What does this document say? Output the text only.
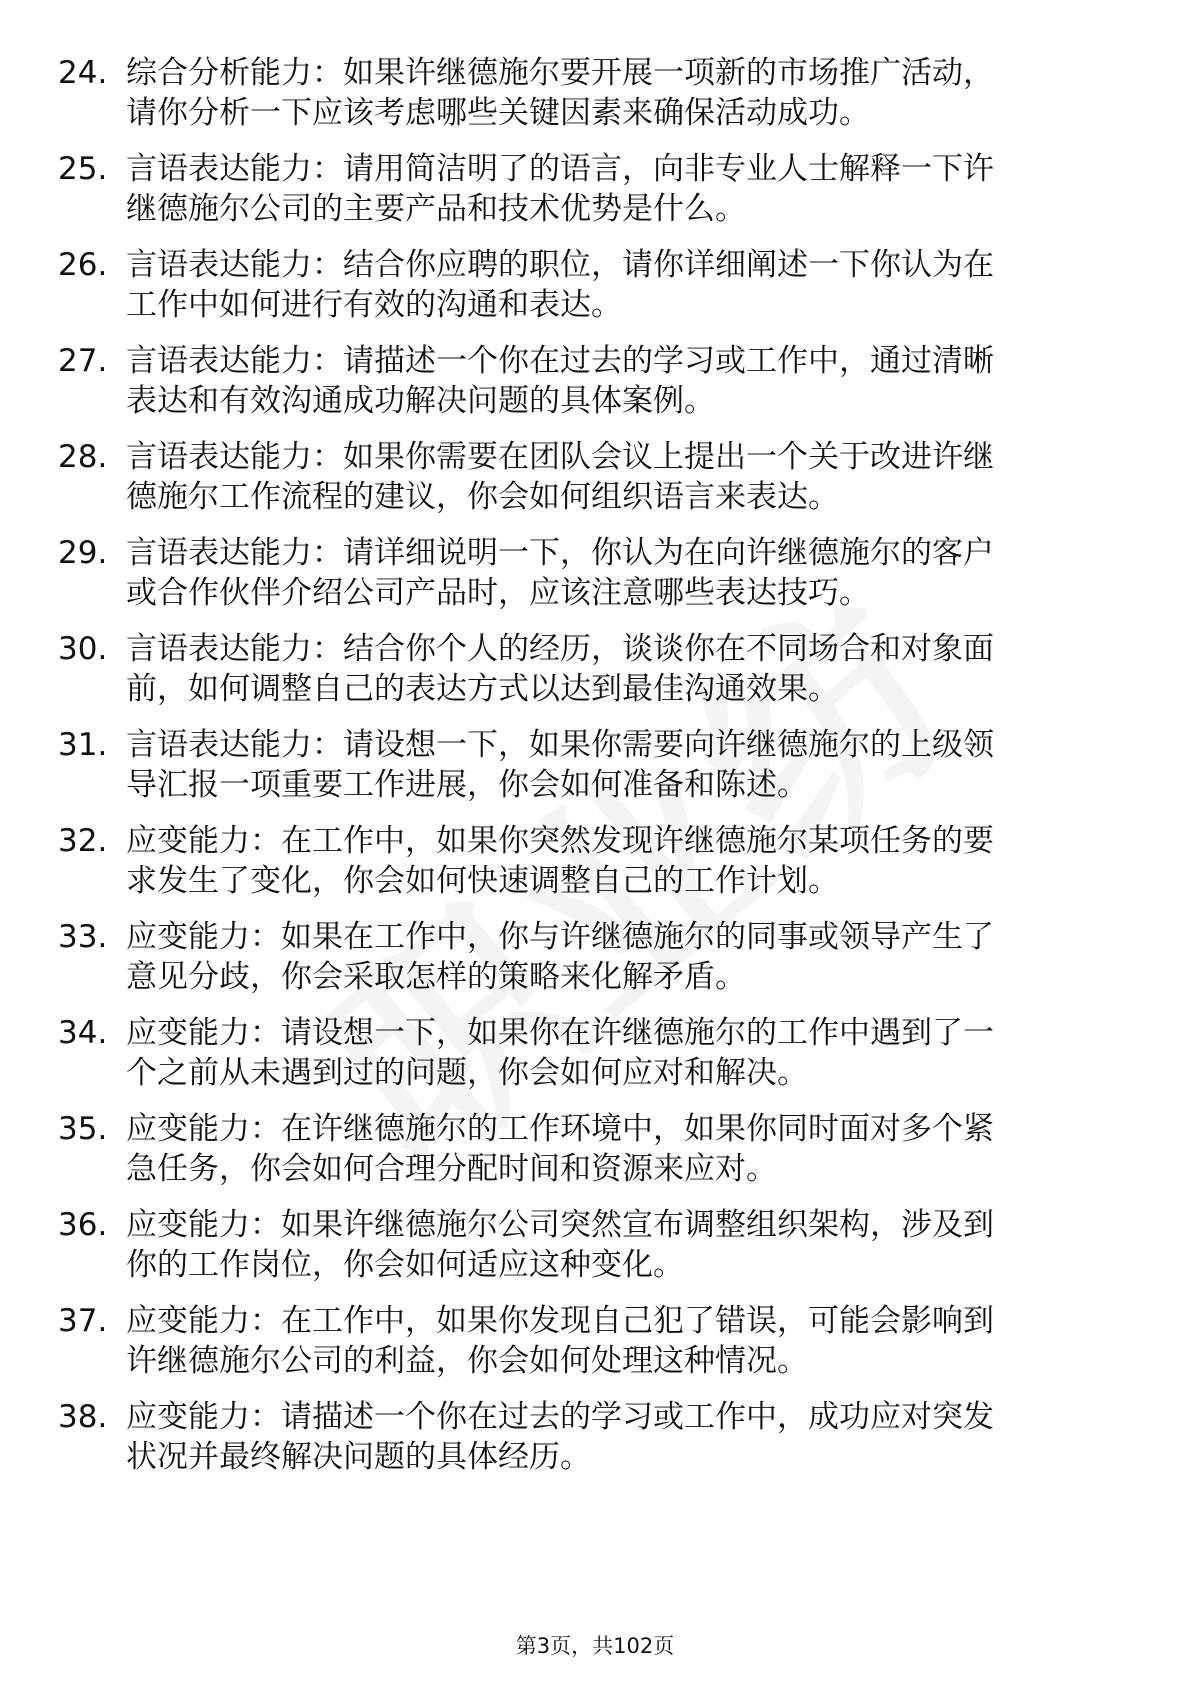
24. 综合分析能力：如果许继德施尔要开展一项新的市场推广活动，
请你分析一下应该考虑哪些关键因素来确保活动成功。
25. 言语表达能力：请用简洁明了的语言，向非专业人士解释一下许
继德施尔公司的主要产品和技术优势是什么。
26. 言语表达能力：结合你应聘的职位，请你详细阐述一下你认为在
工作中如何进行有效的沟通和表达。
27. 言语表达能力：请描述一个你在过去的学习或工作中，通过清晰
表达和有效沟通成功解决问题的具体案例。
28. 言语表达能力：如果你需要在团队会议上提出一个关于改进许继
德施尔工作流程的建议，你会如何组织语言来表达。
29. 言语表达能力：请详细说明一下，你认为在向许继德施尔的客户
或合作伙伴介绍公司产品时，应该注意哪些表达技巧。
30. 言语表达能力：结合你个人的经历，谈谈你在不同场合和对象面
前，如何调整自己的表达方式以达到最佳沟通效果。
31. 言语表达能力：请设想一下，如果你需要向许继德施尔的上级领
导汇报一项重要工作进展，你会如何准备和陈述。
32. 应变能力：在工作中，如果你突然发现许继德施尔某项任务的要
求发生了变化，你会如何快速调整自己的工作计划。
33. 应变能力：如果在工作中，你与许继德施尔的同事或领导产生了
意见分歧，你会采取怎样的策略来化解矛盾。
34. 应变能力：请设想一下，如果你在许继德施尔的工作中遇到了一
个之前从未遇到过的问题，你会如何应对和解决。
35. 应变能力：在许继德施尔的工作环境中，如果你同时面对多个紧
急任务，你会如何合理分配时间和资源来应对。
36. 应变能力：如果许继德施尔公司突然宣布调整组织架构，涉及到
你的工作岗位，你会如何适应这种变化。
37. 应变能力：在工作中，如果你发现自己犯了错误，可能会影响到
许继德施尔公司的利益，你会如何处理这种情况。
38. 应变能力：请描述一个你在过去的学习或工作中，成功应对突发
状况并最终解决问题的具体经历。
第3页，共102页
